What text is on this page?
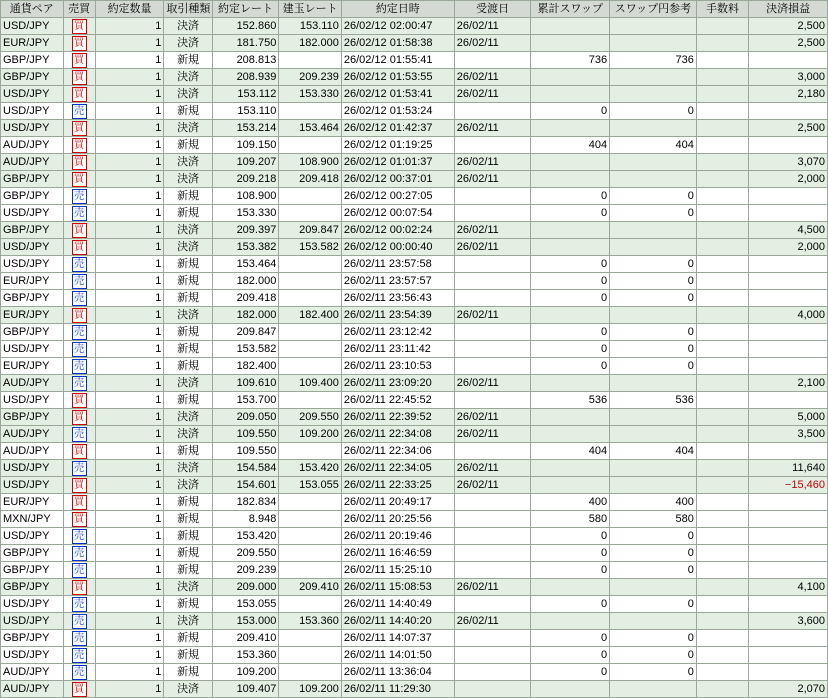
通貨ペア	売買	約定数量	取引種類	約定レート	建玉レート	約定日時	受渡日	累計スワップ	スワップ円参考	手数料	決済損益
USD/JPY	買	1	決済	152.860	153.110	26/02/12 02:00:47	26/02/11				2,500
EUR/JPY	買	1	決済	181.750	182.000	26/02/12 01:58:38	26/02/11				2,500
GBP/JPY	買	1	新規	208.813		26/02/12 01:55:41		736	736		
GBP/JPY	買	1	決済	208.939	209.239	26/02/12 01:53:55	26/02/11				3,000
USD/JPY	買	1	決済	153.112	153.330	26/02/12 01:53:41	26/02/11				2,180
USD/JPY	売	1	新規	153.110		26/02/12 01:53:24		0	0		
USD/JPY	買	1	決済	153.214	153.464	26/02/12 01:42:37	26/02/11				2,500
AUD/JPY	買	1	新規	109.150		26/02/12 01:19:25		404	404		
AUD/JPY	買	1	決済	109.207	108.900	26/02/12 01:01:37	26/02/11				3,070
GBP/JPY	買	1	決済	209.218	209.418	26/02/12 00:37:01	26/02/11				2,000
GBP/JPY	売	1	新規	108.900		26/02/12 00:27:05		0	0		
USD/JPY	売	1	新規	153.330		26/02/12 00:07:54		0	0		
GBP/JPY	買	1	決済	209.397	209.847	26/02/12 00:02:24	26/02/11				4,500
USD/JPY	買	1	決済	153.382	153.582	26/02/12 00:00:40	26/02/11				2,000
USD/JPY	売	1	新規	153.464		26/02/11 23:57:58		0	0		
EUR/JPY	売	1	新規	182.000		26/02/11 23:57:57		0	0		
GBP/JPY	売	1	新規	209.418		26/02/11 23:56:43		0	0		
EUR/JPY	買	1	決済	182.000	182.400	26/02/11 23:54:39	26/02/11				4,000
GBP/JPY	売	1	新規	209.847		26/02/11 23:12:42		0	0		
USD/JPY	売	1	新規	153.582		26/02/11 23:11:42		0	0		
EUR/JPY	売	1	新規	182.400		26/02/11 23:10:53		0	0		
AUD/JPY	売	1	決済	109.610	109.400	26/02/11 23:09:20	26/02/11				2,100
USD/JPY	買	1	新規	153.700		26/02/11 22:45:52		536	536		
GBP/JPY	買	1	決済	209.050	209.550	26/02/11 22:39:52	26/02/11				5,000
AUD/JPY	売	1	決済	109.550	109.200	26/02/11 22:34:08	26/02/11				3,500
AUD/JPY	買	1	新規	109.550		26/02/11 22:34:06		404	404		
USD/JPY	売	1	決済	154.584	153.420	26/02/11 22:34:05	26/02/11				11,640
USD/JPY	買	1	決済	154.601	153.055	26/02/11 22:33:25	26/02/11				−15,460
EUR/JPY	買	1	新規	182.834		26/02/11 20:49:17		400	400		
MXN/JPY	買	1	新規	8.948		26/02/11 20:25:56		580	580		
USD/JPY	売	1	新規	153.420		26/02/11 20:19:46		0	0		
GBP/JPY	売	1	新規	209.550		26/02/11 16:46:59		0	0		
GBP/JPY	売	1	新規	209.239		26/02/11 15:25:10		0	0		
GBP/JPY	買	1	決済	209.000	209.410	26/02/11 15:08:53	26/02/11				4,100
USD/JPY	売	1	新規	153.055		26/02/11 14:40:49		0	0		
USD/JPY	売	1	決済	153.000	153.360	26/02/11 14:40:20	26/02/11				3,600
GBP/JPY	売	1	新規	209.410		26/02/11 14:07:37		0	0		
USD/JPY	売	1	新規	153.360		26/02/11 14:01:50		0	0		
AUD/JPY	売	1	新規	109.200		26/02/11 13:36:04		0	0		
AUD/JPY	買	1	決済	109.407	109.200	26/02/11 11:29:30					2,070
